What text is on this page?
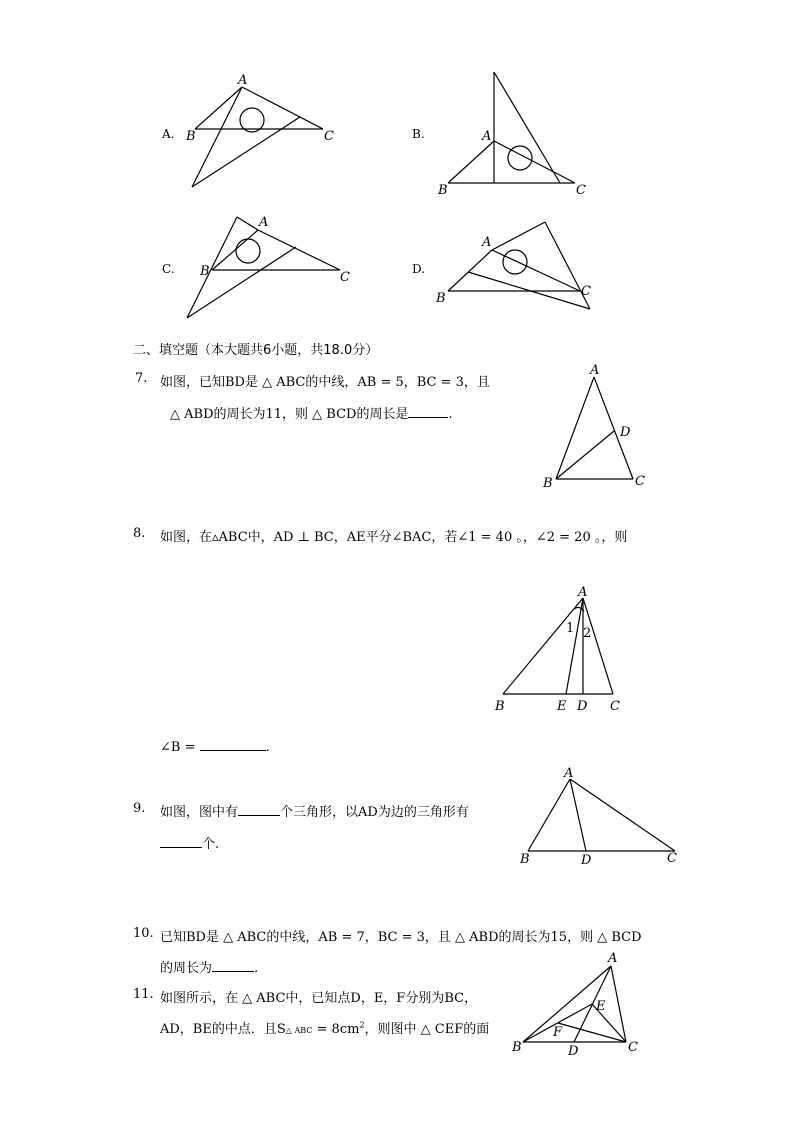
A.
A
B	C	B.	A
B	C
C.
A
B	C
D.
A
B	C
二、填空题（本大题共6小题，共18.0分）
7. 如图，已知BD是 △ ABC的中线，AB = 5，BC = 3，且
△ ABD的周长为11，则 △ BCD的周长是	.
A
D
B	C
8. 如图，在▵ABC中，AD ⊥ BC，AE平分∠BAC，若∠1 = 40 。，∠2 = 20 。，则
A
1 2
B	E D C
∠B =	.
9. 如图，图中有	个三角形，以AD为边的三角形有
个.
A
B	D	C
10. 已知BD是 △ ABC的中线，AB = 7，BC = 3，且 △ ABD的周长为15，则 △ BCD
的周长为	.
11. 如图所示，在 △ ABC中，已知点D，E，F分别为BC，
AD，BE的中点．且S△ ABC = $8cm^2$，则图中 △ CEF的面
A
E
F
B	D	C
